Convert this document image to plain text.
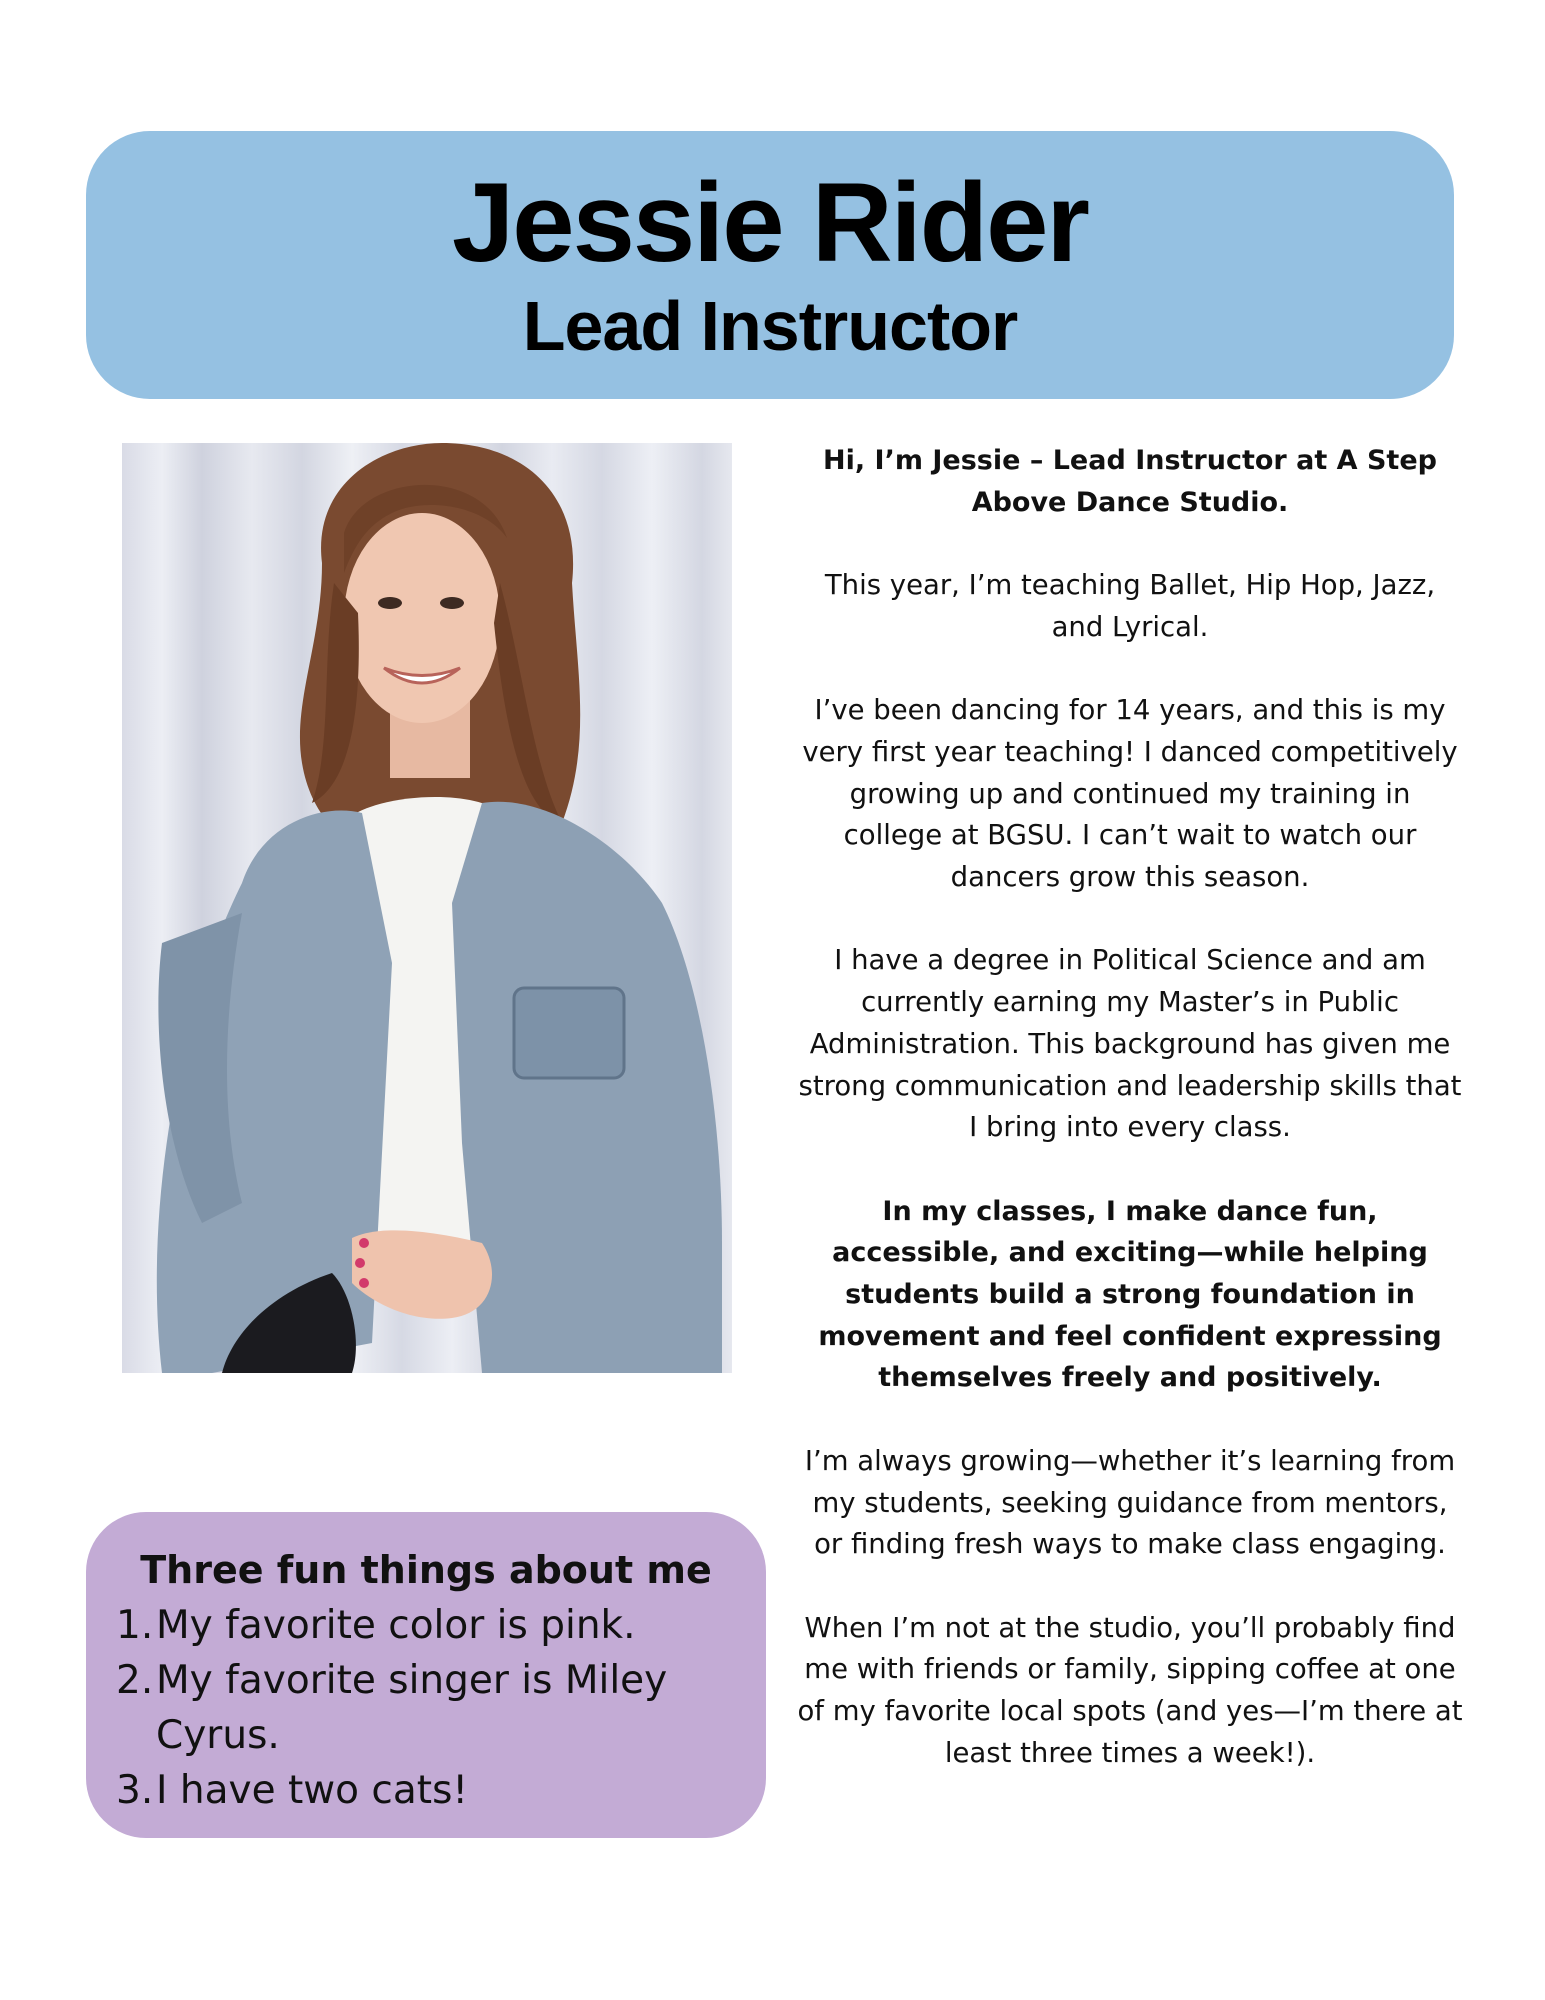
Jessie Rider
Lead Instructor

Hi, I’m Jessie – Lead Instructor at A Step Above Dance Studio.

This year, I’m teaching Ballet, Hip Hop, Jazz, and Lyrical.

I’ve been dancing for 14 years, and this is my very first year teaching! I danced competitively growing up and continued my training in college at BGSU. I can’t wait to watch our dancers grow this season.

I have a degree in Political Science and am currently earning my Master’s in Public Administration. This background has given me strong communication and leadership skills that I bring into every class.

In my classes, I make dance fun, accessible, and exciting—while helping students build a strong foundation in movement and feel confident expressing themselves freely and positively.

I’m always growing—whether it’s learning from my students, seeking guidance from mentors, or finding fresh ways to make class engaging.

When I’m not at the studio, you’ll probably find me with friends or family, sipping coffee at one of my favorite local spots (and yes—I’m there at least three times a week!).

Three fun things about me
1. My favorite color is pink.
2. My favorite singer is Miley Cyrus.
3. I have two cats!
